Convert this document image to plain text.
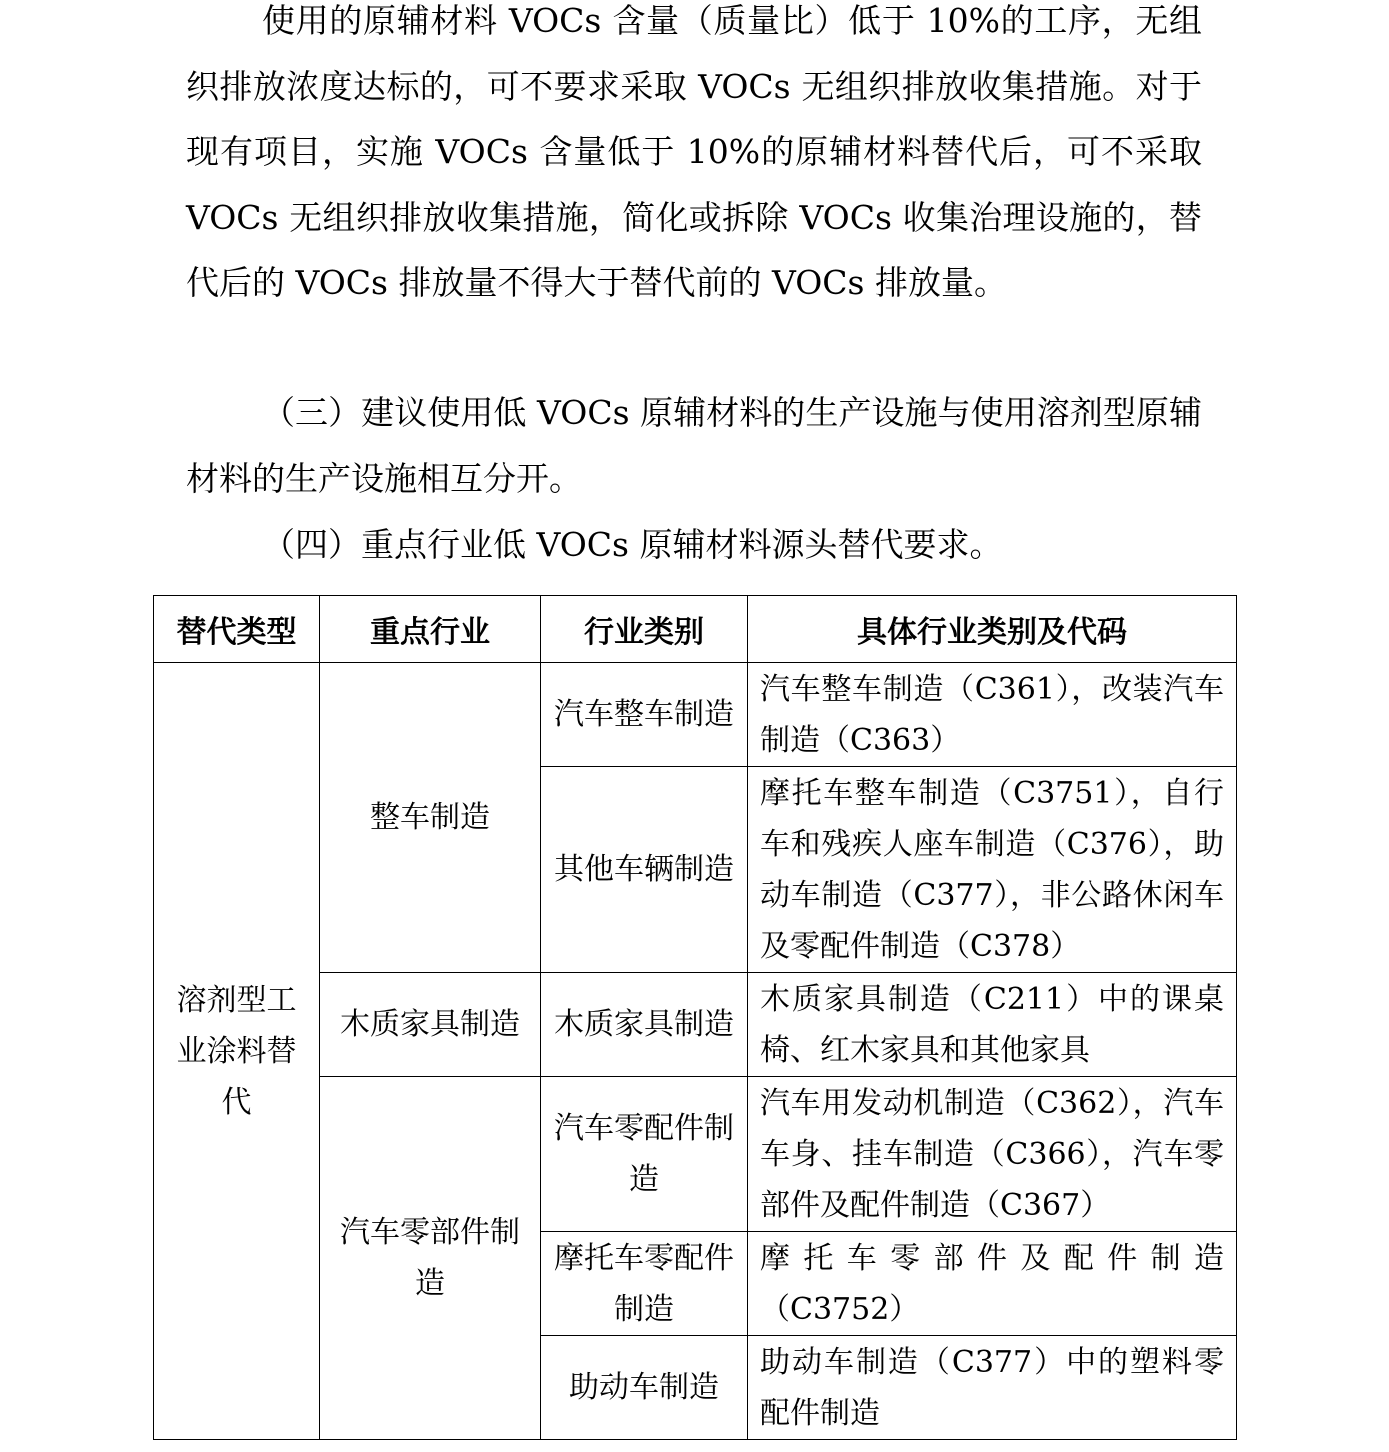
使用的原辅材料 VOCs 含量（质量比）低于 10%的工序，无组织排放浓度达标的，可不要求采取 VOCs 无组织排放收集措施。对于现有项目，实施 VOCs 含量低于 10%的原辅材料替代后，可不采取 VOCs 无组织排放收集措施，简化或拆除 VOCs 收集治理设施的，替代后的 VOCs 排放量不得大于替代前的 VOCs 排放量。

（三）建议使用低 VOCs 原辅材料的生产设施与使用溶剂型原辅材料的生产设施相互分开。

（四）重点行业低 VOCs 原辅材料源头替代要求。

替代类型	重点行业	行业类别	具体行业类别及代码
溶剂型工业涂料替代	整车制造	汽车整车制造	汽车整车制造（C361），改装汽车制造（C363）
		其他车辆制造	摩托车整车制造（C3751），自行车和残疾人座车制造（C376），助动车制造（C377），非公路休闲车及零配件制造（C378）
	木质家具制造	木质家具制造	木质家具制造（C211）中的课桌椅、红木家具和其他家具
	汽车零部件制造	汽车零配件制造	汽车用发动机制造（C362），汽车车身、挂车制造（C366），汽车零部件及配件制造（C367）
		摩托车零配件制造	摩托车零部件及配件制造（C3752）
		助动车制造	助动车制造（C377）中的塑料零配件制造
